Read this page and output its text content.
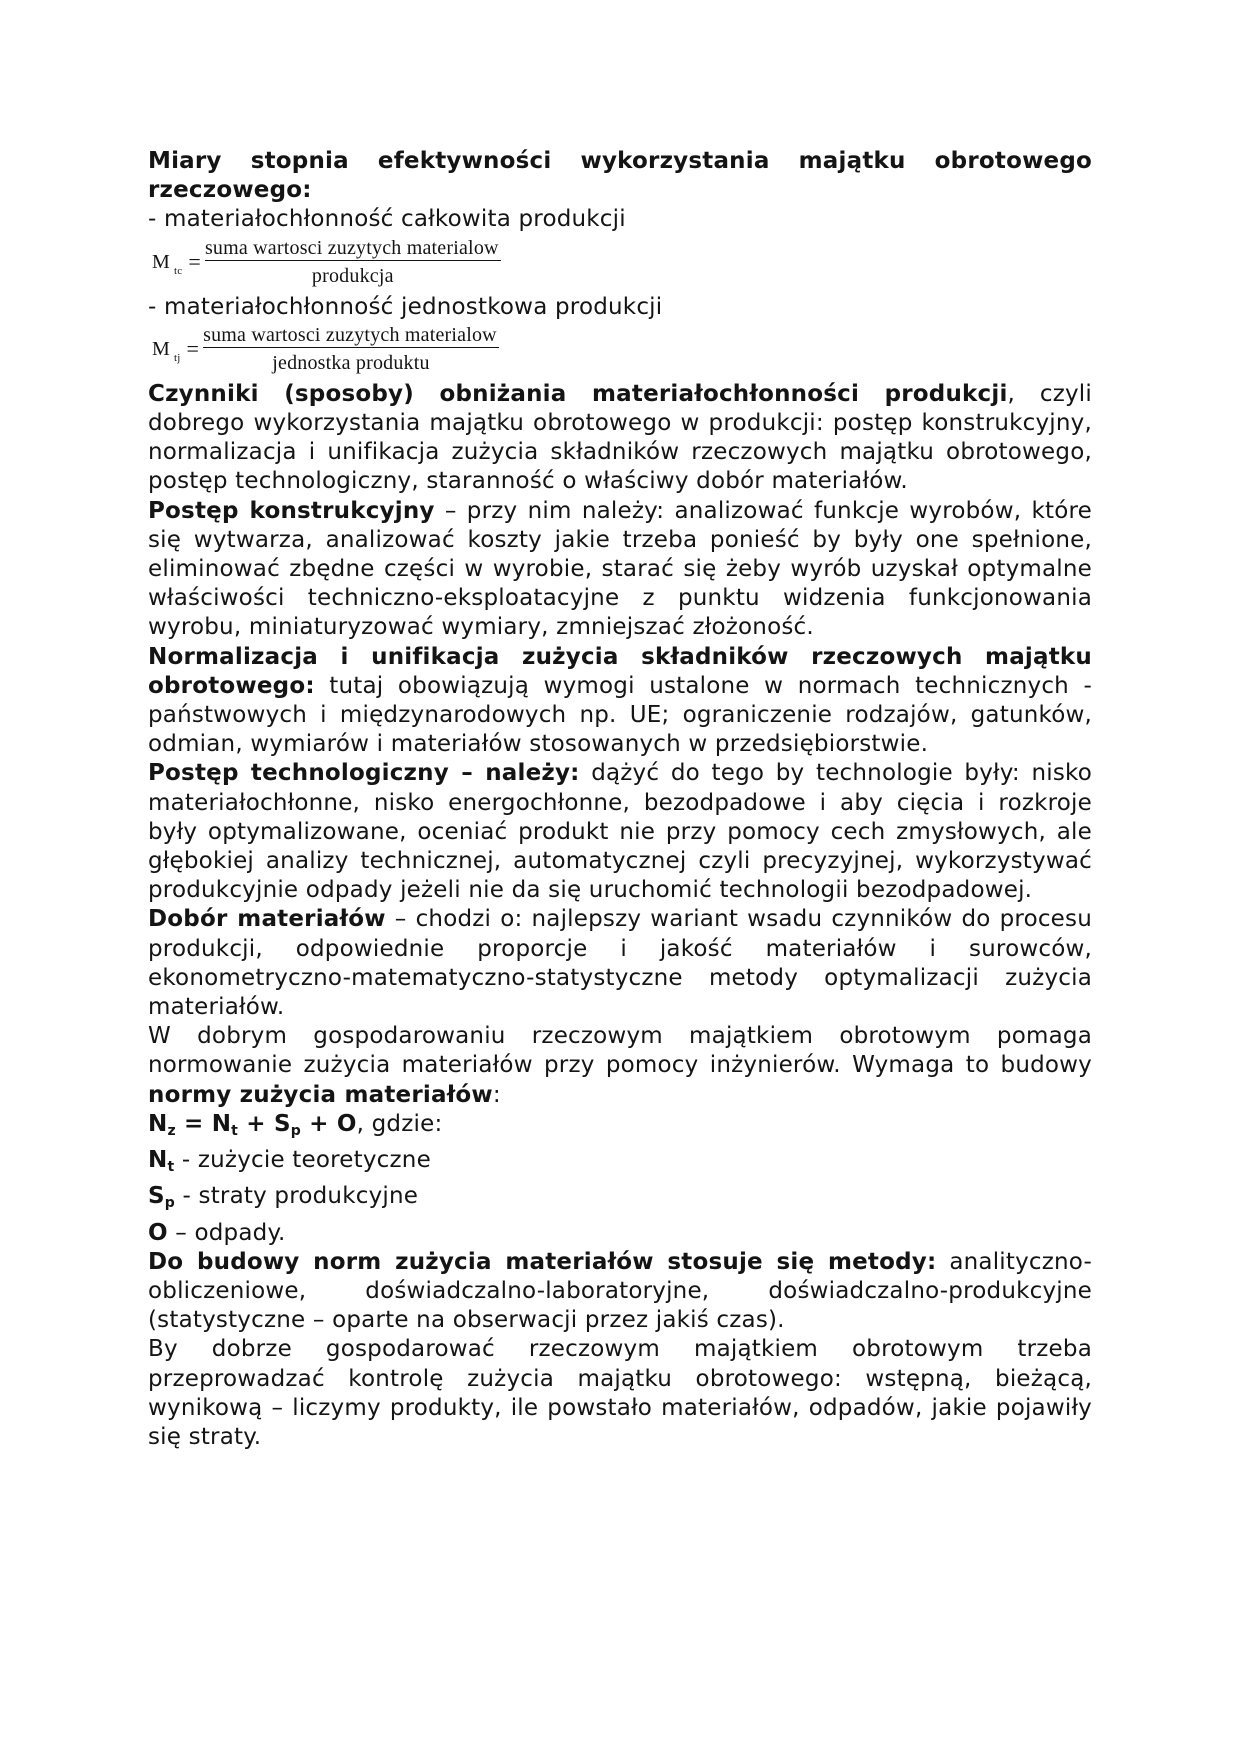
Miary stopnia efektywności wykorzystania majątku obrotowego rzeczowego:

- materiałochłonność całkowita produkcji

M $_{tc} = \frac{\text{suma wartosci zuzytych materialow}}{\text{produkcja}}$

- materiałochłonność jednostkowa produkcji

M $_{tj} = \frac{\text{suma wartosci zuzytych materialow}}{\text{jednostka produktu}}$

Czynniki (sposoby) obniżania materiałochłonności produkcji, czyli dobrego wykorzystania majątku obrotowego w produkcji: postęp konstrukcyjny, normalizacja i unifikacja zużycia składników rzeczowych majątku obrotowego, postęp technologiczny, staranność o właściwy dobór materiałów.

Postęp konstrukcyjny – przy nim należy: analizować funkcje wyrobów, które się wytwarza, analizować koszty jakie trzeba ponieść by były one spełnione, eliminować zbędne części w wyrobie, starać się żeby wyrób uzyskał optymalne właściwości techniczno-eksploatacyjne z punktu widzenia funkcjonowania wyrobu, miniaturyzować wymiary, zmniejszać złożoność.

Normalizacja i unifikacja zużycia składników rzeczowych majątku obrotowego: tutaj obowiązują wymogi ustalone w normach technicznych - państwowych i międzynarodowych np. UE; ograniczenie rodzajów, gatunków, odmian, wymiarów i materiałów stosowanych w przedsiębiorstwie.

Postęp technologiczny – należy: dążyć do tego by technologie były: nisko materiałochłonne, nisko energochłonne, bezodpadowe i aby cięcia i rozkroje były optymalizowane, oceniać produkt nie przy pomocy cech zmysłowych, ale głębokiej analizy technicznej, automatycznej czyli precyzyjnej, wykorzystywać produkcyjnie odpady jeżeli nie da się uruchomić technologii bezodpadowej.

Dobór materiałów – chodzi o: najlepszy wariant wsadu czynników do procesu produkcji, odpowiednie proporcje i jakość materiałów i surowców, ekonometryczno-matematyczno-statystyczne metody optymalizacji zużycia materiałów.

W dobrym gospodarowaniu rzeczowym majątkiem obrotowym pomaga normowanie zużycia materiałów przy pomocy inżynierów. Wymaga to budowy normy zużycia materiałów:

$N_z = N_t + S_p + O$, gdzie:

$N_t$ - zużycie teoretyczne

$S_p$ - straty produkcyjne

O – odpady.

Do budowy norm zużycia materiałów stosuje się metody: analityczno-obliczeniowe, doświadczalno-laboratoryjne, doświadczalno-produkcyjne (statystyczne – oparte na obserwacji przez jakiś czas).

By dobrze gospodarować rzeczowym majątkiem obrotowym trzeba przeprowadzać kontrolę zużycia majątku obrotowego: wstępną, bieżącą, wynikową – liczymy produkty, ile powstało materiałów, odpadów, jakie pojawiły się straty.
